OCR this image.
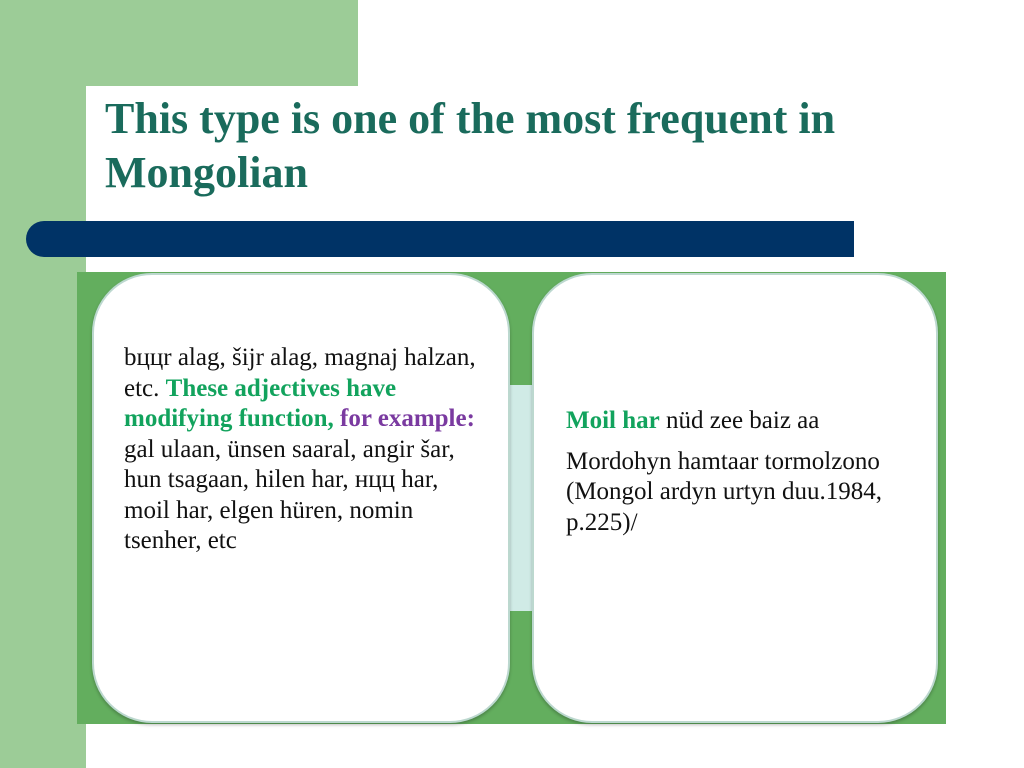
This type is one of the most frequent in Mongolian
bццr alag, šijr alag, magnaj halzan, etc. These adjectives have modifying function, for example: gal ulaan, ünsen saaral, angir šar, hun tsagaan, hilen har, нцц har, moil har, elgen hüren, nomin tsenher, etc

Moil har nüd zee baiz aa

Mordohyn hamtaar tormolzono (Mongol ardyn urtyn duu.1984, p.225)/
